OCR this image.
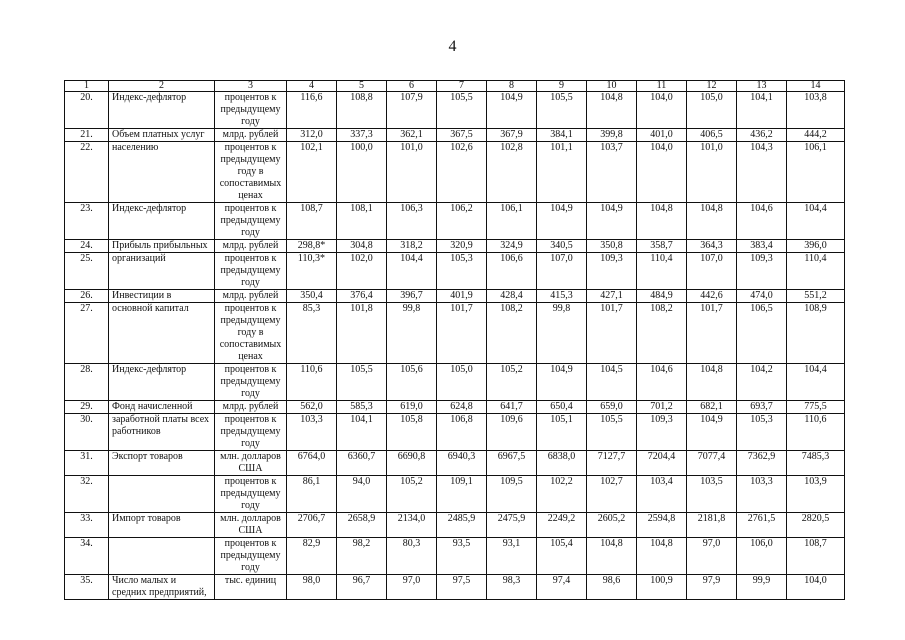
4
1	2	3	4	5	6	7	8	9	10	11	12	13	14
20.	Индекс-дефлятор	процентов к предыдущему году	116,6	108,8	107,9	105,5	104,9	105,5	104,8	104,0	105,0	104,1	103,8
21.	Объем платных услуг	млрд. рублей	312,0	337,3	362,1	367,5	367,9	384,1	399,8	401,0	406,5	436,2	444,2
22.	населению	процентов к предыдущему году в сопоставимых ценах	102,1	100,0	101,0	102,6	102,8	101,1	103,7	104,0	101,0	104,3	106,1
23.	Индекс-дефлятор	процентов к предыдущему году	108,7	108,1	106,3	106,2	106,1	104,9	104,9	104,8	104,8	104,6	104,4
24.	Прибыль прибыльных	млрд. рублей	298,8*	304,8	318,2	320,9	324,9	340,5	350,8	358,7	364,3	383,4	396,0
25.	организаций	процентов к предыдущему году	110,3*	102,0	104,4	105,3	106,6	107,0	109,3	110,4	107,0	109,3	110,4
26.	Инвестиции в	млрд. рублей	350,4	376,4	396,7	401,9	428,4	415,3	427,1	484,9	442,6	474,0	551,2
27.	основной капитал	процентов к предыдущему году в сопоставимых ценах	85,3	101,8	99,8	101,7	108,2	99,8	101,7	108,2	101,7	106,5	108,9
28.	Индекс-дефлятор	процентов к предыдущему году	110,6	105,5	105,6	105,0	105,2	104,9	104,5	104,6	104,8	104,2	104,4
29.	Фонд начисленной	млрд. рублей	562,0	585,3	619,0	624,8	641,7	650,4	659,0	701,2	682,1	693,7	775,5
30.	заработной платы всех работников	процентов к предыдущему году	103,3	104,1	105,8	106,8	109,6	105,1	105,5	109,3	104,9	105,3	110,6
31.	Экспорт товаров	млн. долларов США	6764,0	6360,7	6690,8	6940,3	6967,5	6838,0	7127,7	7204,4	7077,4	7362,9	7485,3
32.		процентов к предыдущему году	86,1	94,0	105,2	109,1	109,5	102,2	102,7	103,4	103,5	103,3	103,9
33.	Импорт товаров	млн. долларов США	2706,7	2658,9	2134,0	2485,9	2475,9	2249,2	2605,2	2594,8	2181,8	2761,5	2820,5
34.		процентов к предыдущему году	82,9	98,2	80,3	93,5	93,1	105,4	104,8	104,8	97,0	106,0	108,7
35.	Число малых и средних предприятий,	тыс. единиц	98,0	96,7	97,0	97,5	98,3	97,4	98,6	100,9	97,9	99,9	104,0
